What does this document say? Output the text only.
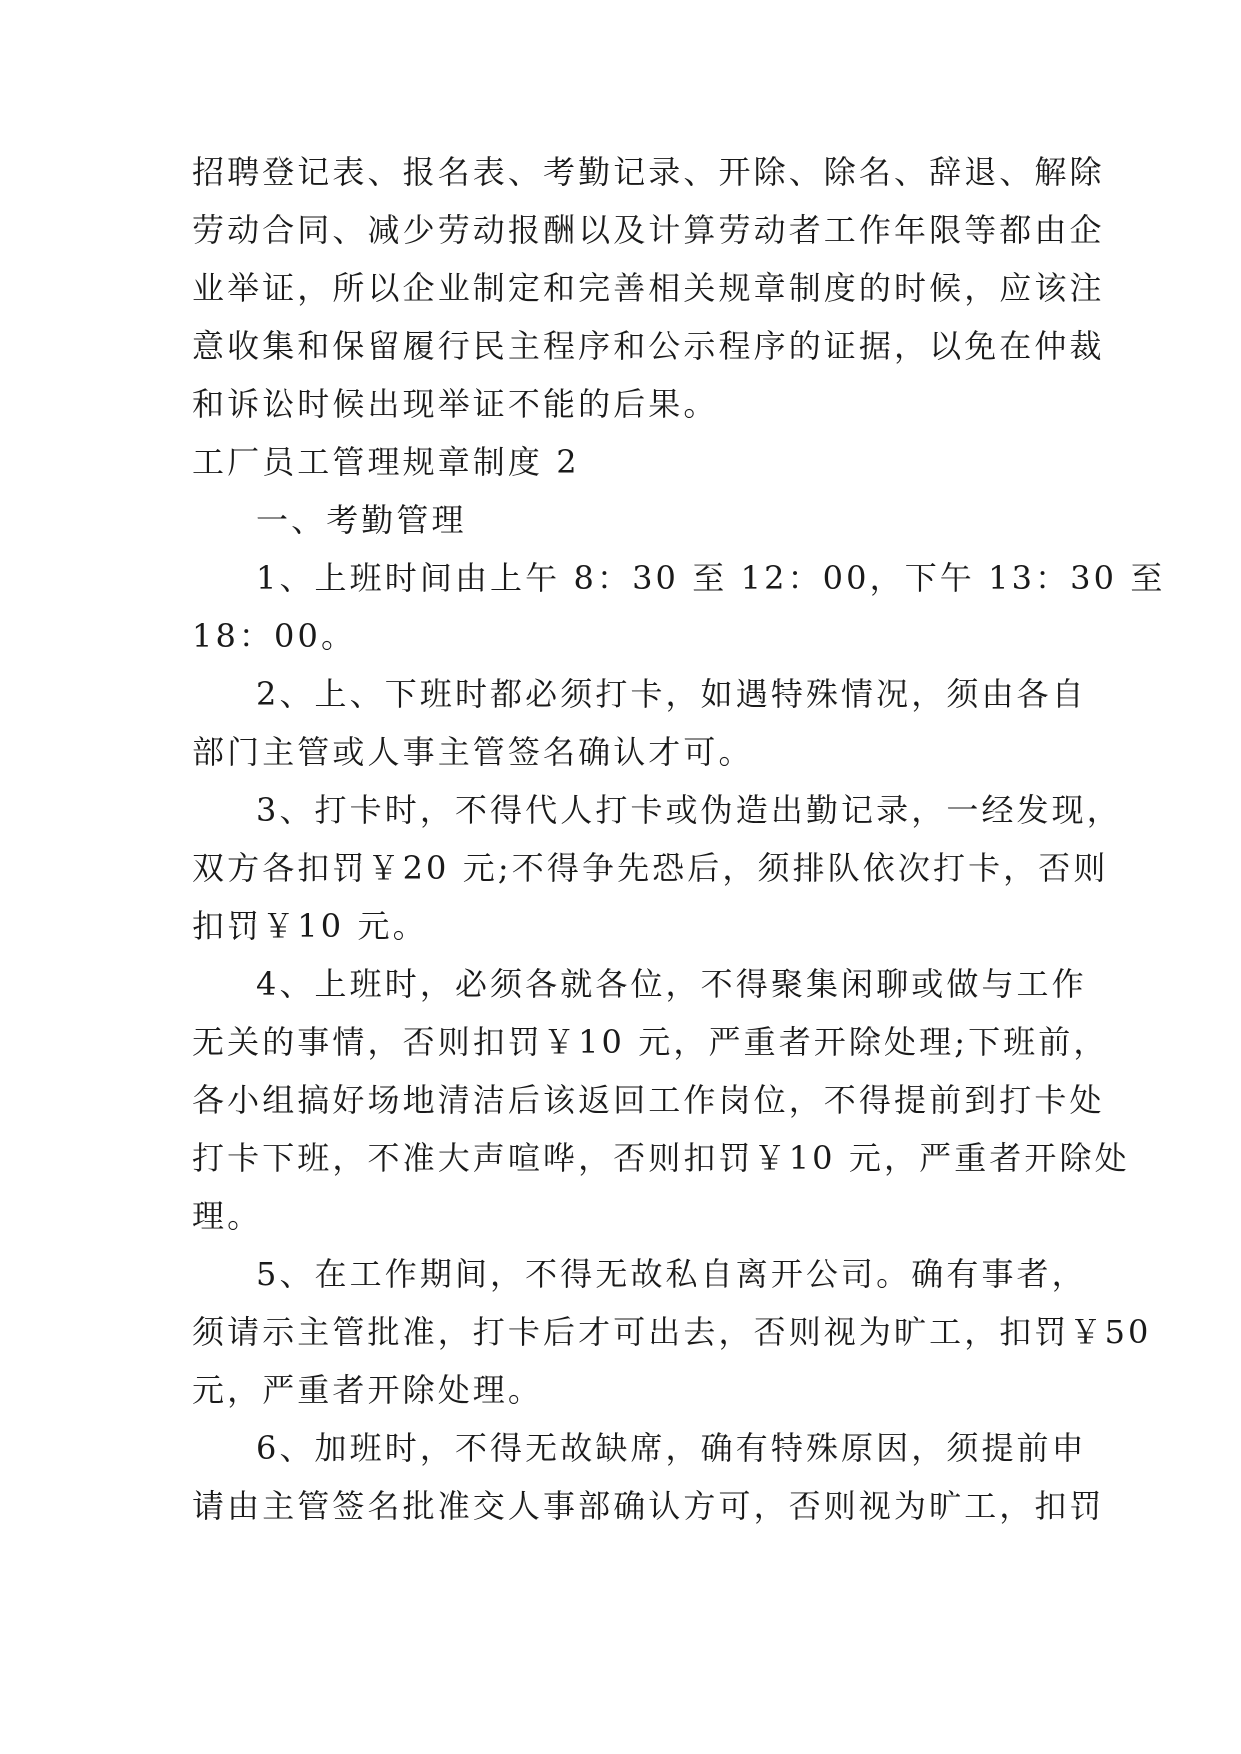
招聘登记表、报名表、考勤记录、开除、除名、辞退、解除
劳动合同、减少劳动报酬以及计算劳动者工作年限等都由企
业举证，所以企业制定和完善相关规章制度的时候，应该注
意收集和保留履行民主程序和公示程序的证据，以免在仲裁
和诉讼时候出现举证不能的后果。
工厂员工管理规章制度 2
一、考勤管理
1、上班时间由上午 8：30 至 12：00，下午 13：30 至
18：00。
2、上、下班时都必须打卡，如遇特殊情况，须由各自
部门主管或人事主管签名确认才可。
3、打卡时，不得代人打卡或伪造出勤记录，一经发现，
双方各扣罚￥20 元;不得争先恐后，须排队依次打卡，否则
扣罚￥10 元。
4、上班时，必须各就各位，不得聚集闲聊或做与工作
无关的事情，否则扣罚￥10 元，严重者开除处理;下班前，
各小组搞好场地清洁后该返回工作岗位，不得提前到打卡处
打卡下班，不准大声喧哗，否则扣罚￥10 元，严重者开除处
理。
5、在工作期间，不得无故私自离开公司。确有事者，
须请示主管批准，打卡后才可出去，否则视为旷工，扣罚￥50
元，严重者开除处理。
6、加班时，不得无故缺席，确有特殊原因，须提前申
请由主管签名批准交人事部确认方可，否则视为旷工，扣罚
